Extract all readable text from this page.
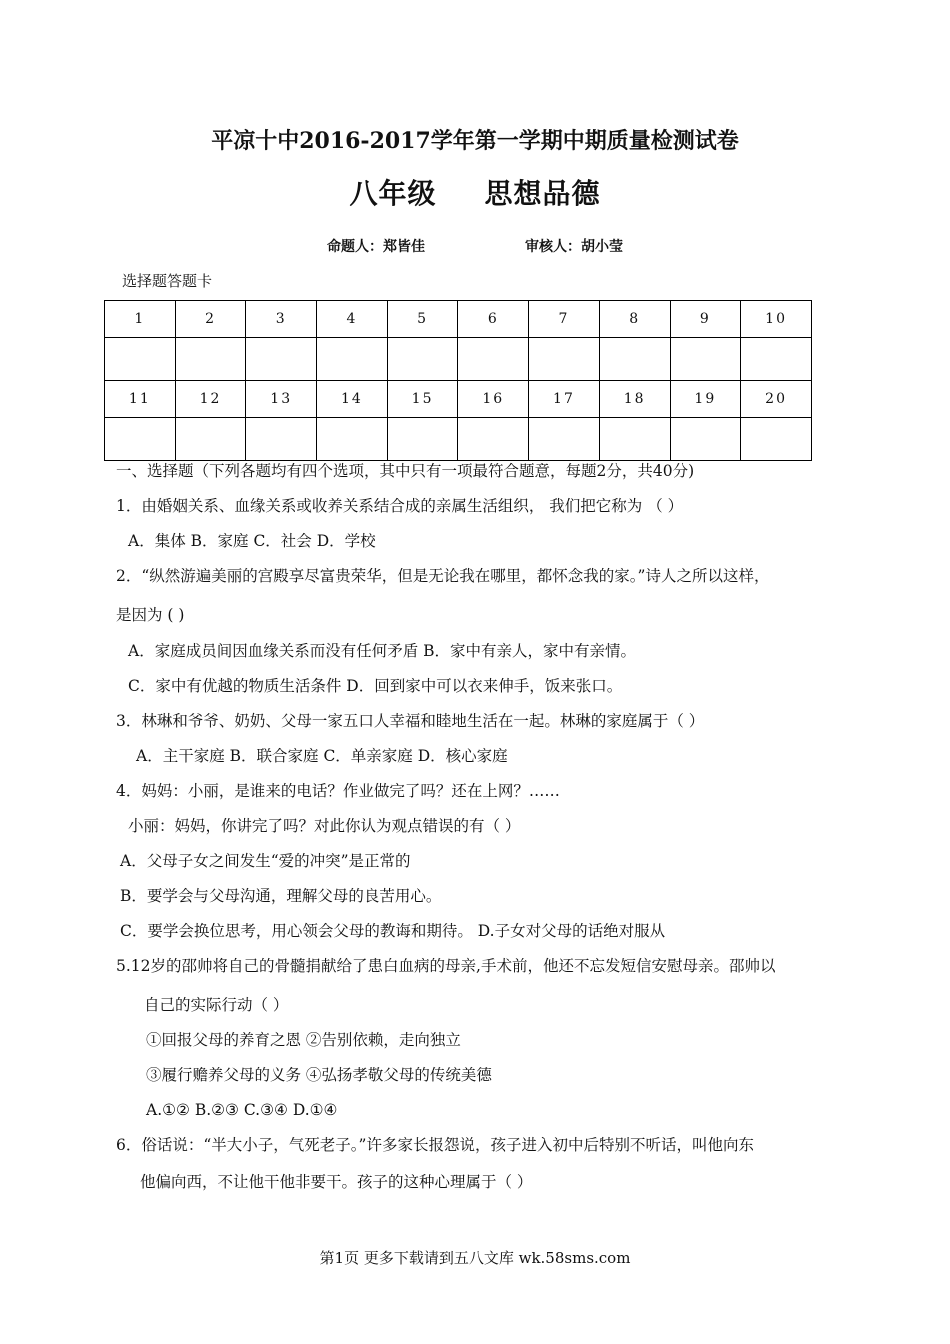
平凉十中2016-2017学年第一学期中期质量检测试卷
八年级 思想品德
命题人：郑皆佳	审核人：胡小莹
选择题答题卡
1	2	3	4	5	6	7	8	9	10

11	12	13	14	15	16	17	18	19	20

一、选择题（下列各题均有四个选项，其中只有一项最符合题意，每题2分，共40分)
1．由婚姻关系、血缘关系或收养关系结合成的亲属生活组织， 我们把它称为 （ ）
A．集体 B．家庭 C．社会 D．学校
2．“纵然游遍美丽的宫殿享尽富贵荣华，但是无论我在哪里，都怀念我的家。”诗人之所以这样，
是因为 ( )
A．家庭成员间因血缘关系而没有任何矛盾 B．家中有亲人，家中有亲情。
C．家中有优越的物质生活条件 D．回到家中可以衣来伸手，饭来张口。
3．林琳和爷爷、奶奶、父母一家五口人幸福和睦地生活在一起。林琳的家庭属于（ ）
A．主干家庭 B．联合家庭 C．单亲家庭 D．核心家庭
4．妈妈：小丽，是谁来的电话？作业做完了吗？还在上网？……
小丽：妈妈，你讲完了吗？对此你认为观点错误的有（ ）
A．父母子女之间发生“爱的冲突”是正常的
B．要学会与父母沟通，理解父母的良苦用心。
C．要学会换位思考，用心领会父母的教诲和期待。 D.子女对父母的话绝对服从
5.12岁的邵帅将自己的骨髓捐献给了患白血病的母亲,手术前，他还不忘发短信安慰母亲。邵帅以
自己的实际行动（ ）
①回报父母的养育之恩 ②告别依赖，走向独立
③履行赡养父母的义务 ④弘扬孝敬父母的传统美德
A.①② B.②③ C.③④ D.①④
6．俗话说：“半大小子，气死老子。”许多家长报怨说，孩子进入初中后特别不听话，叫他向东
他偏向西，不让他干他非要干。孩子的这种心理属于（ ）
第1页 更多下载请到五八文库 wk.58sms.com
